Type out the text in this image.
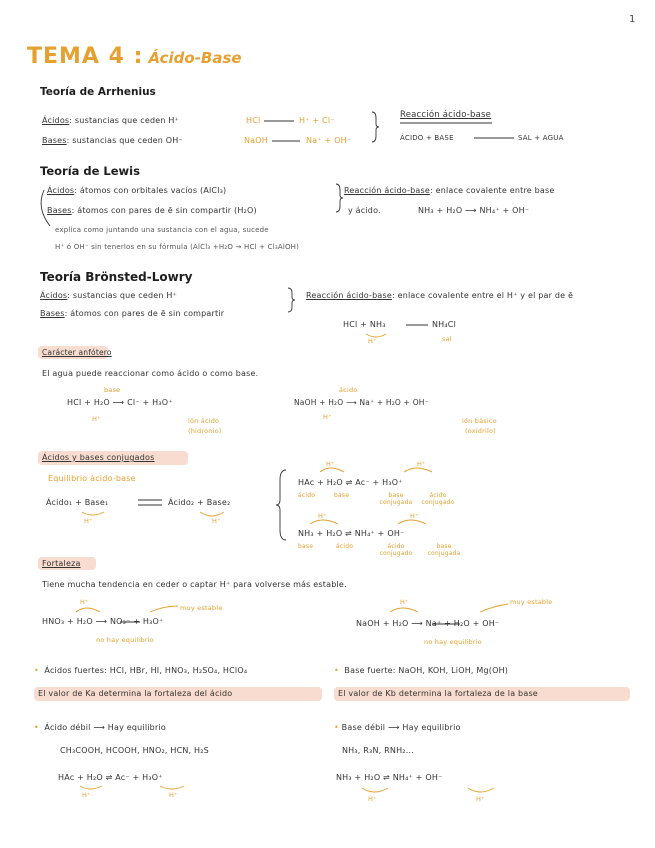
1
TEMA 4 : Ácido-Base
Teoría de Arrhenius
Ácidos: sustancias que ceden H⁺
Bases: sustancias que ceden OH⁻
HCl	H⁺ + Cl⁻
NaOH	Na⁺ + OH⁻
Reacción ácido-base
ÁCIDO + BASE	SAL + AGUA
Teoría de Lewis
Ácidos: átomos con orbitales vacíos (AlCl₃)
Bases: átomos con pares de ē sin compartir (H₂O)
explica como juntando una sustancia con el agua, sucede
H⁺ ó OH⁻ sin tenerlos en su fórmula (AlCl₃ +H₂O → HCl + Cl₃AlOH)
Reacción ácido-base: enlace covalente entre base
y ácido.	NH₃ + H₂O ⟶ NH₄⁺ + OH⁻
Teoría Brönsted-Lowry
Ácidos: sustancias que ceden H⁺
Bases: átomos con pares de ē sin compartir
Reacción ácido-base: enlace covalente entre el H⁺ y el par de ē
HCl + NH₃	NH₄Cl
H⁺	sal
Carácter anfótero
El agua puede reaccionar como ácido o como base.
base
HCl + H₂O ⟶ Cl⁻ + H₃O⁺
H⁺	ión ácido
(hidronio)
ácido
NaOH + H₂O ⟶ Na⁺ + H₂O + OH⁻
H⁺	ión básico
(oxidrilo)
Ácidos y bases conjugados
Equilibrio ácido-base
Ácido₁ + Base₁	Ácido₂ + Base₂
H⁺	H⁺
H⁺	H⁺
HAc + H₂O ⇌ Ac⁻ + H₃O⁺
ácido	base	base conjugada
ácido conjugado
H⁺	H⁺
NH₃ + H₂O ⇌ NH₄⁺ + OH⁻
base	ácido	ácido conjugado
base conjugada
Fortaleza
Tiene mucha tendencia en ceder o captar H⁺ para volverse más estable.
H⁺
muy estable
HNO₃ + H₂O ⟶ NO₃⁻ + H₃O⁺
no hay equilibrio
H⁺	muy estable
NaOH + H₂O ⟶ Na⁺ + H₂O + OH⁻
no hay equilibrio
•  Ácidos fuertes: HCl, HBr, HI, HNO₃, H₂SO₄, HClO₄	•  Base fuerte: NaOH, KOH, LiOH, Mg(OH)
El valor de Ka determina la fortaleza del ácido	El valor de Kb determina la fortaleza de la base
•  Ácido débil ⟶ Hay equilibrio
CH₃COOH, HCOOH, HNO₂, HCN, H₂S
HAc + H₂O ⇌ Ac⁻ + H₃O⁺
H⁺	H⁺
• Base débil ⟶ Hay equilibrio
NH₃, R₃N, RNH₂...
NH₃ + H₂O ⇌ NH₄⁺ + OH⁻
H⁺	H⁺
